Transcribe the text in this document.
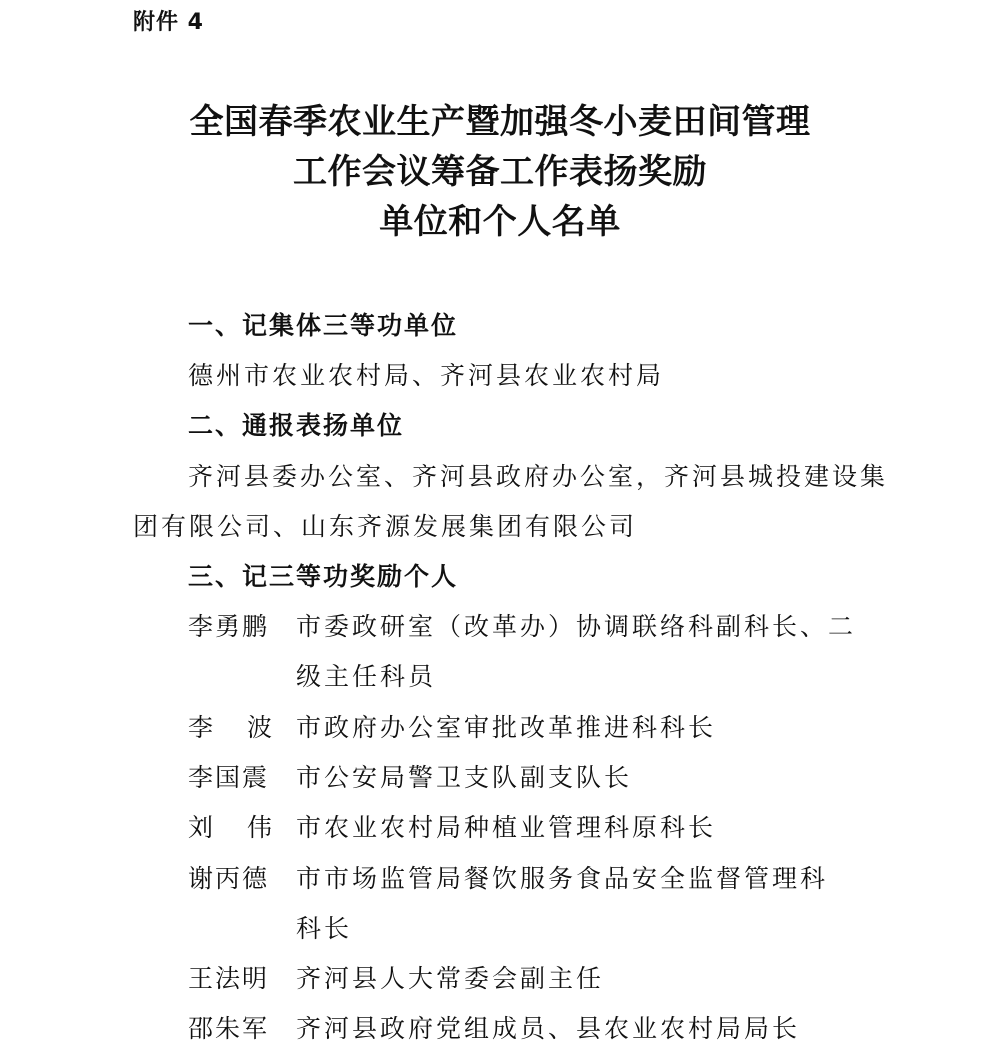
附件 4
全国春季农业生产暨加强冬小麦田间管理
工作会议筹备工作表扬奖励
单位和个人名单
一、记集体三等功单位
德州市农业农村局、齐河县农业农村局
二、通报表扬单位
齐河县委办公室、齐河县政府办公室，齐河县城投建设集
团有限公司、山东齐源发展集团有限公司
三、记三等功奖励个人
李勇鹏 市委政研室（改革办）协调联络科副科长、二
级主任科员
李 波 市政府办公室审批改革推进科科长
李国震 市公安局警卫支队副支队长
刘 伟 市农业农村局种植业管理科原科长
谢丙德 市市场监管局餐饮服务食品安全监督管理科
科长
王法明 齐河县人大常委会副主任
邵朱军 齐河县政府党组成员、县农业农村局局长
